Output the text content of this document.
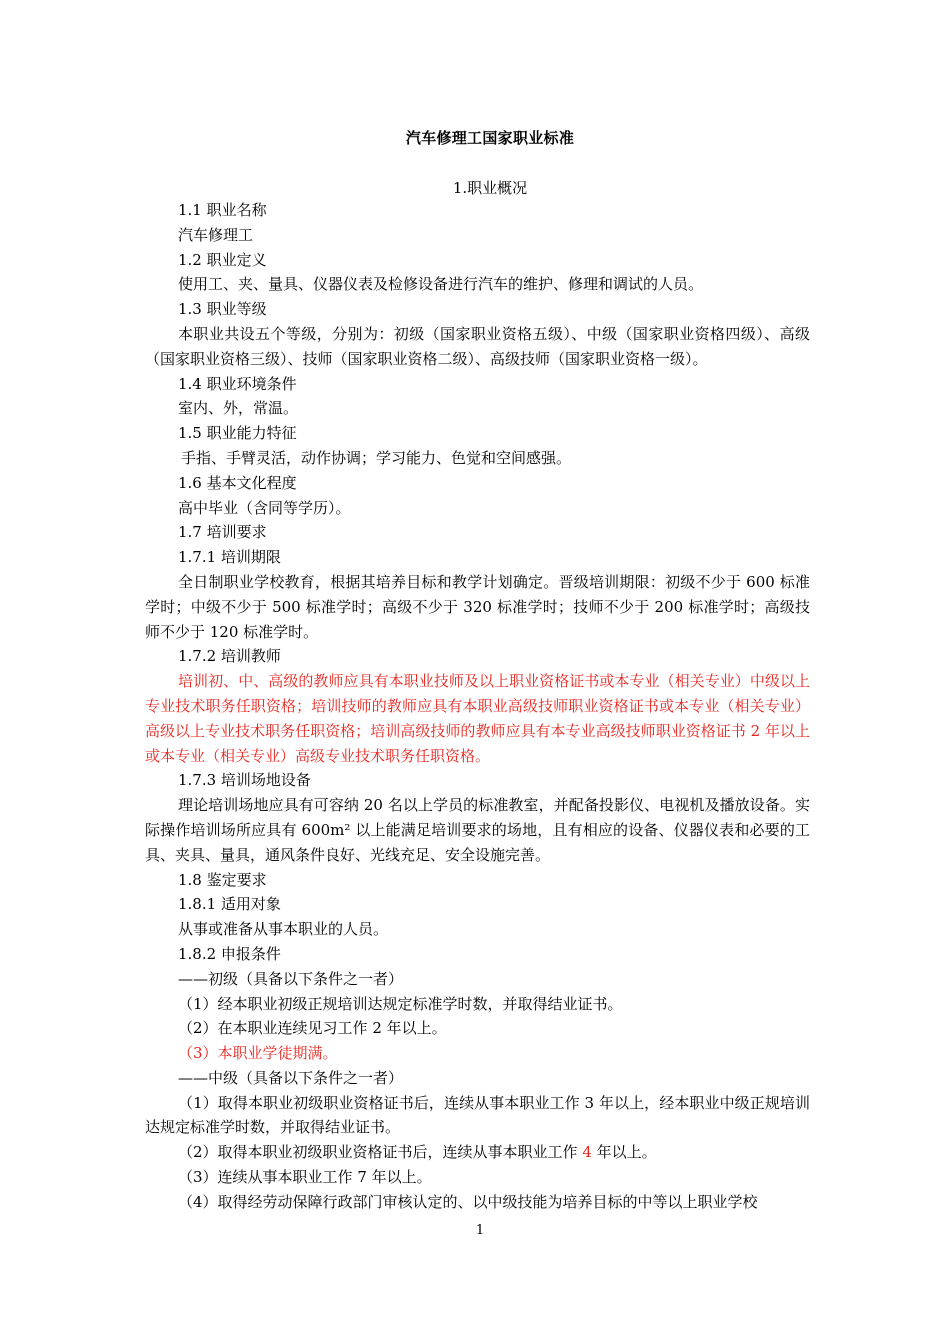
汽车修理工国家职业标准
1.职业概况

1.1 职业名称

汽车修理工

1.2 职业定义

使用工、夹、量具、仪器仪表及检修设备进行汽车的维护、修理和调试的人员。

1.3 职业等级

本职业共设五个等级，分别为：初级（国家职业资格五级）、中级（国家职业资格四级）、高级（国家职业资格三级）、技师（国家职业资格二级）、高级技师（国家职业资格一级）。

1.4 职业环境条件

室内、外，常温。

1.5 职业能力特征

手指、手臂灵活，动作协调；学习能力、色觉和空间感强。

1.6 基本文化程度

高中毕业（含同等学历）。

1.7 培训要求

1.7.1 培训期限

全日制职业学校教育，根据其培养目标和教学计划确定。晋级培训期限：初级不少于 600 标准学时；中级不少于 500 标准学时；高级不少于 320 标准学时；技师不少于 200 标准学时；高级技师不少于 120 标准学时。

1.7.2 培训教师

培训初、中、高级的教师应具有本职业技师及以上职业资格证书或本专业（相关专业）中级以上专业技术职务任职资格；培训技师的教师应具有本职业高级技师职业资格证书或本专业（相关专业）高级以上专业技术职务任职资格；培训高级技师的教师应具有本专业高级技师职业资格证书 2 年以上或本专业（相关专业）高级专业技术职务任职资格。

1.7.3 培训场地设备

理论培训场地应具有可容纳 20 名以上学员的标准教室，并配备投影仪、电视机及播放设备。实际操作培训场所应具有 600m² 以上能满足培训要求的场地，且有相应的设备、仪器仪表和必要的工具、夹具、量具，通风条件良好、光线充足、安全设施完善。

1.8 鉴定要求

1.8.1 适用对象

从事或准备从事本职业的人员。

1.8.2 申报条件

——初级（具备以下条件之一者）

（1）经本职业初级正规培训达规定标准学时数，并取得结业证书。

（2）在本职业连续见习工作 2 年以上。

（3）本职业学徒期满。

——中级（具备以下条件之一者）

（1）取得本职业初级职业资格证书后，连续从事本职业工作 3 年以上，经本职业中级正规培训达规定标准学时数，并取得结业证书。

（2）取得本职业初级职业资格证书后，连续从事本职业工作 4 年以上。

（3）连续从事本职业工作 7 年以上。

（4）取得经劳动保障行政部门审核认定的、以中级技能为培养目标的中等以上职业学校

1
